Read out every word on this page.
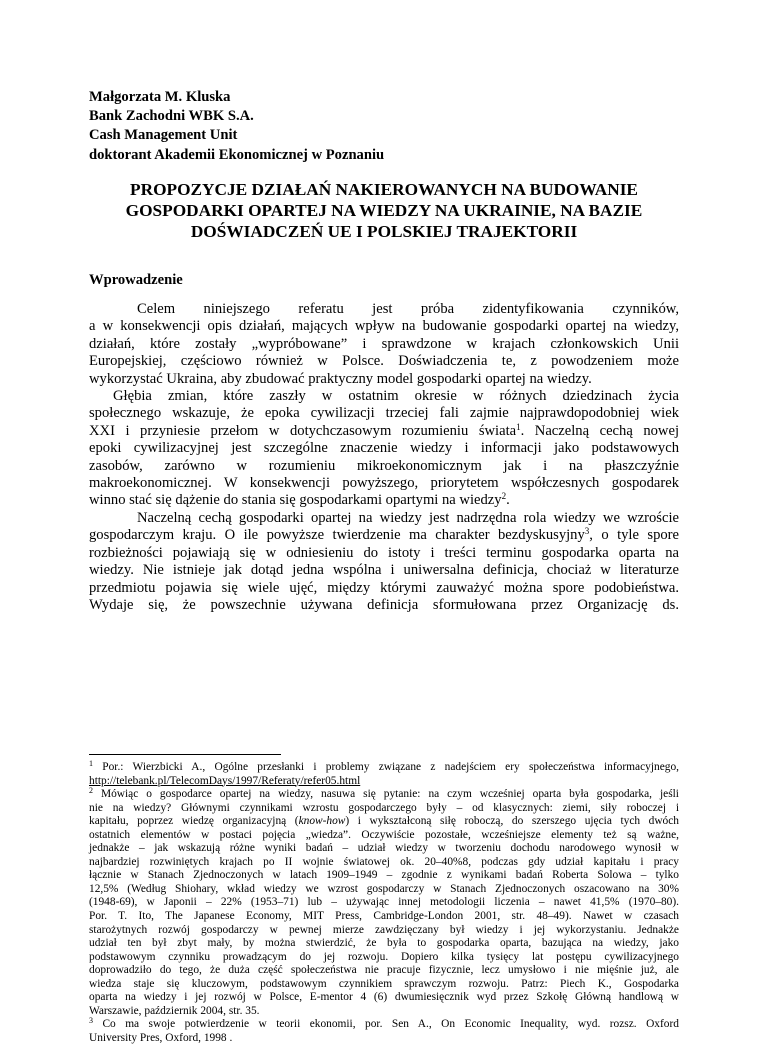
Małgorzata M. Kluska
Bank Zachodni WBK S.A.
Cash Management Unit
doktorant Akademii Ekonomicznej w Poznaniu
PROPOZYCJE DZIAŁAŃ NAKIEROWANYCH NA BUDOWANIE
GOSPODARKI OPARTEJ NA WIEDZY NA UKRAINIE, NA BAZIE
DOŚWIADCZEŃ UE I POLSKIEJ TRAJEKTORII
Wprowadzenie

Celem niniejszego referatu jest próba zidentyfikowania czynników,

a w konsekwencji opis działań, mających wpływ na budowanie gospodarki opartej na wiedzy,

działań, które zostały „wypróbowane” i sprawdzone w krajach członkowskich Unii

Europejskiej, częściowo również w Polsce. Doświadczenia te, z powodzeniem może

wykorzystać Ukraina, aby zbudować praktyczny model gospodarki opartej na wiedzy.

Głębia zmian, które zaszły w ostatnim okresie w różnych dziedzinach życia

społecznego wskazuje, że epoka cywilizacji trzeciej fali zajmie najprawdopodobniej wiek

XXI i przyniesie przełom w dotychczasowym rozumieniu świata$^1$. Naczelną cechą nowej

epoki cywilizacyjnej jest szczególne znaczenie wiedzy i informacji jako podstawowych

zasobów, zarówno w rozumieniu mikroekonomicznym jak i na płaszczyźnie

makroekonomicznej. W konsekwencji powyższego, priorytetem współczesnych gospodarek

winno stać się dążenie do stania się gospodarkami opartymi na wiedzy$^2$.

Naczelną cechą gospodarki opartej na wiedzy jest nadrzędna rola wiedzy we wzroście

gospodarczym kraju. O ile powyższe twierdzenie ma charakter bezdyskusyjny$^3$, o tyle spore

rozbieżności pojawiają się w odniesieniu do istoty i treści terminu gospodarka oparta na

wiedzy. Nie istnieje jak dotąd jedna wspólna i uniwersalna definicja, chociaż w literaturze

przedmiotu pojawia się wiele ujęć, między którymi zauważyć można spore podobieństwa.

Wydaje się, że powszechnie używana definicja sformułowana przez Organizację ds.

$^1$ Por.: Wierzbicki A., Ogólne przesłanki i problemy związane z nadejściem ery społeczeństwa informacyjnego,

http://telebank.pl/TelecomDays/1997/Referaty/refer05.html

$^2$ Mówiąc o gospodarce opartej na wiedzy, nasuwa się pytanie: na czym wcześniej oparta była gospodarka, jeśli

nie na wiedzy? Głównymi czynnikami wzrostu gospodarczego były – od klasycznych: ziemi, siły roboczej i

kapitału, poprzez wiedzę organizacyjną (know-how) i wykształconą siłę roboczą, do szerszego ujęcia tych dwóch

ostatnich elementów w postaci pojęcia „wiedza”. Oczywiście pozostałe, wcześniejsze elementy też są ważne,

jednakże – jak wskazują różne wyniki badań – udział wiedzy w tworzeniu dochodu narodowego wynosił w

najbardziej rozwiniętych krajach po II wojnie światowej ok. 20–40%8, podczas gdy udział kapitału i pracy

łącznie w Stanach Zjednoczonych w latach 1909–1949 – zgodnie z wynikami badań Roberta Solowa – tylko

12,5% (Według Shiohary, wkład wiedzy we wzrost gospodarczy w Stanach Zjednoczonych oszacowano na 30%

(1948-69), w Japonii – 22% (1953–71) lub – używając innej metodologii liczenia – nawet 41,5% (1970–80).

Por. T. Ito, The Japanese Economy, MIT Press, Cambridge-London 2001, str. 48–49). Nawet w czasach

starożytnych rozwój gospodarczy w pewnej mierze zawdzięczany był wiedzy i jej wykorzystaniu. Jednakże

udział ten był zbyt mały, by można stwierdzić, że była to gospodarka oparta, bazująca na wiedzy, jako

podstawowym czynniku prowadzącym do jej rozwoju. Dopiero kilka tysięcy lat postępu cywilizacyjnego

doprowadziło do tego, że duża część społeczeństwa nie pracuje fizycznie, lecz umysłowo i nie mięśnie już, ale

wiedza staje się kluczowym, podstawowym czynnikiem sprawczym rozwoju. Patrz: Piech K., Gospodarka

oparta na wiedzy i jej rozwój w Polsce, E-mentor 4 (6) dwumiesięcznik wyd przez Szkołę Główną handlową w

Warszawie, październik 2004, str. 35.

$^3$ Co ma swoje potwierdzenie w teorii ekonomii, por. Sen A., On Economic Inequality, wyd. rozsz. Oxford

University Pres, Oxford, 1998 .
